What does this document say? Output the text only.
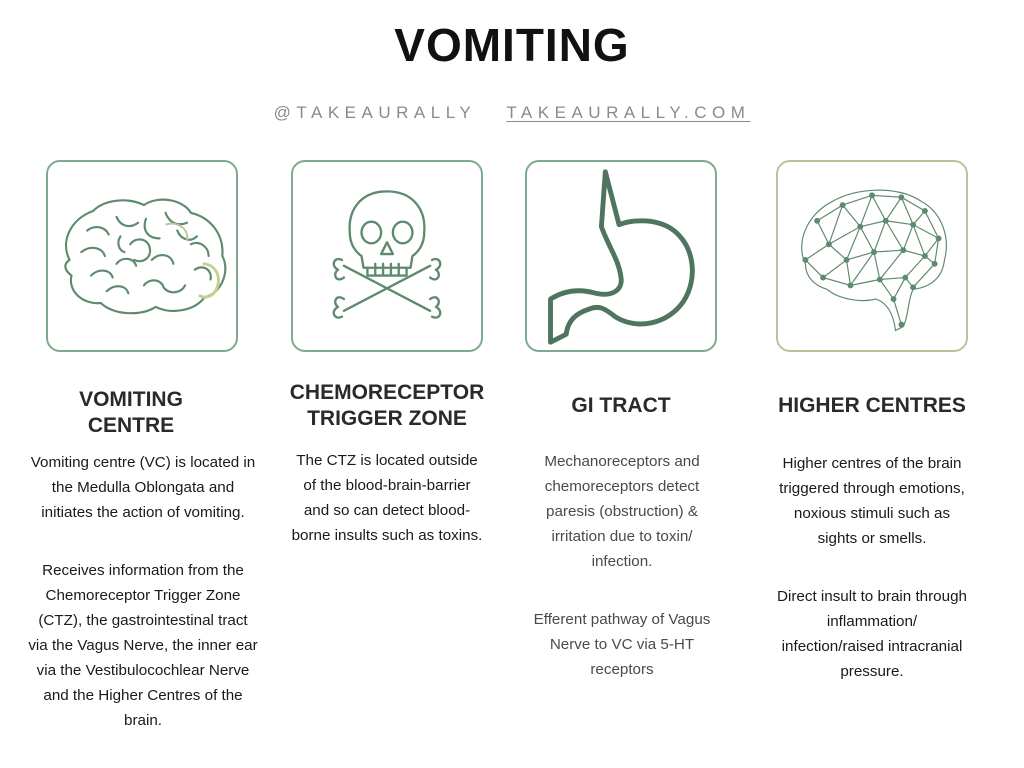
VOMITING
@TAKEAURALLY TAKEAURALLY.COM
VOMITING
CENTRE
Vomiting centre (VC) is located in the Medulla Oblongata and initiates the action of vomiting.
Receives information from the Chemoreceptor Trigger Zone (CTZ), the gastrointestinal tract via the Vagus Nerve, the inner ear via the Vestibulocochlear Nerve and the Higher Centres of the brain.
CHEMORECEPTOR
TRIGGER ZONE
The CTZ is located outside of the blood-brain-barrier and so can detect blood-borne insults such as toxins.
GI TRACT
Mechanoreceptors and chemoreceptors detect paresis (obstruction) & irritation due to toxin/ infection.
Efferent pathway of Vagus Nerve to VC via 5-HT receptors
HIGHER CENTRES
Higher centres of the brain triggered through emotions, noxious stimuli such as sights or smells.
Direct insult to brain through inflammation/ infection/raised intracranial pressure.
